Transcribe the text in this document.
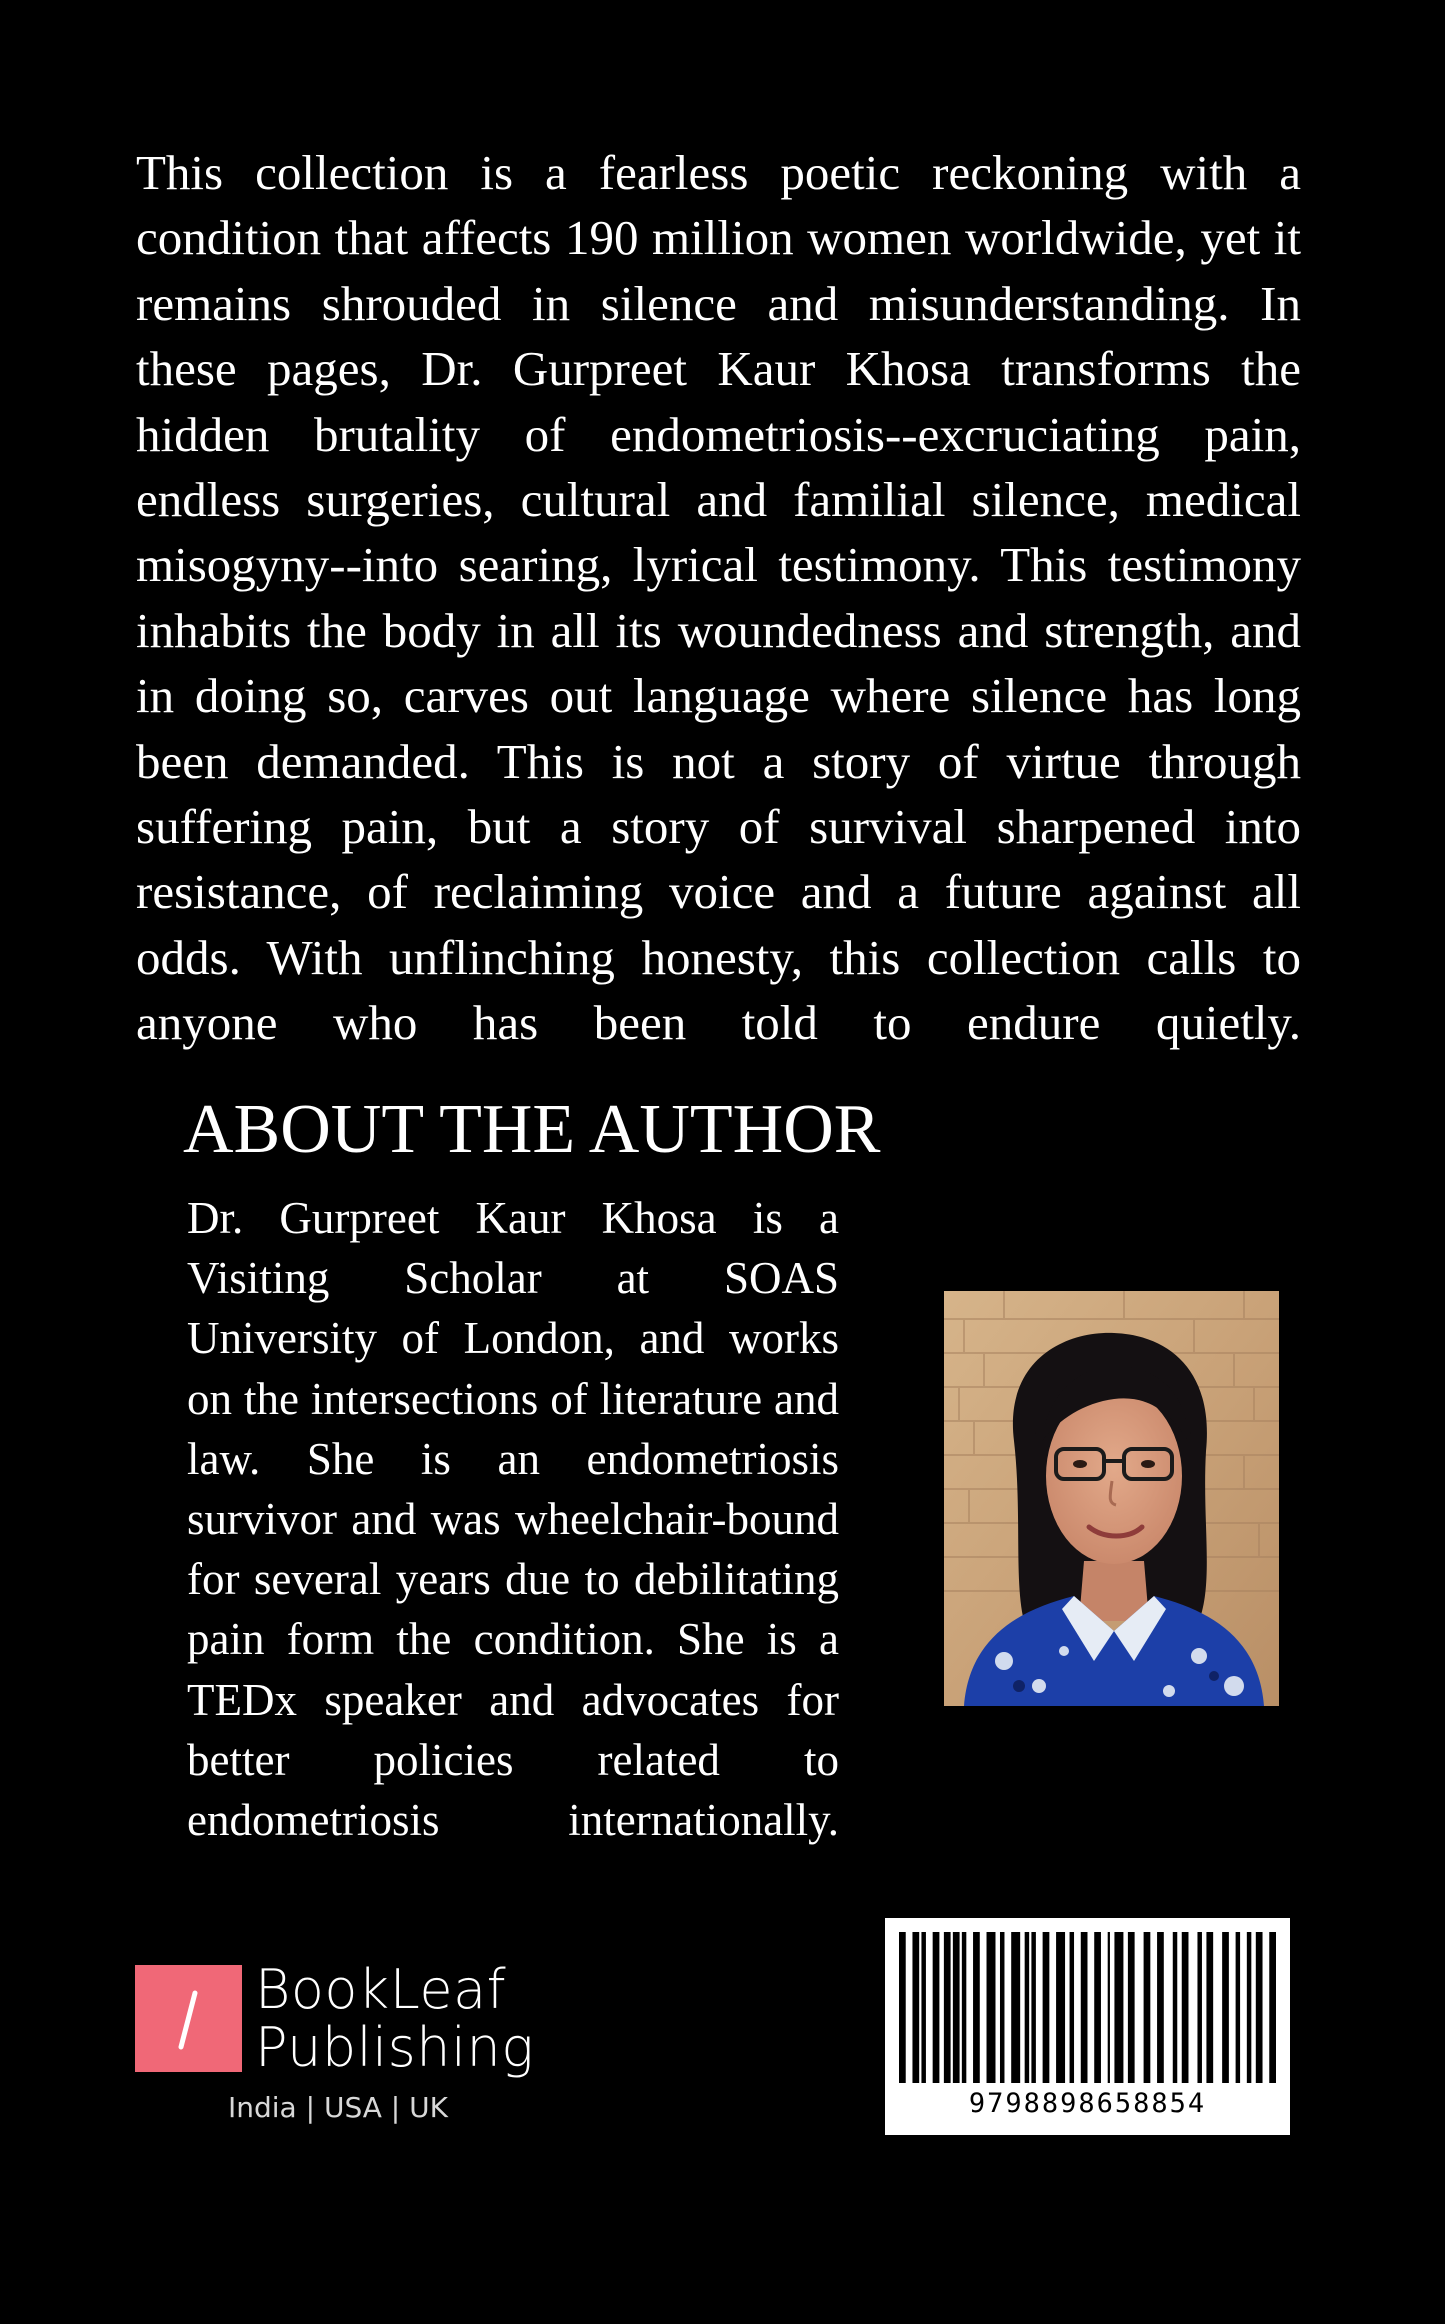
This collection is a fearless poetic reckoning with a condition that affects 190 million women worldwide, yet it remains shrouded in silence and misunderstanding. In these pages, Dr. Gurpreet Kaur Khosa transforms the hidden brutality of endometriosis--excruciating pain, endless surgeries, cultural and familial silence, medical misogyny--into searing, lyrical testimony. This testimony inhabits the body in all its woundedness and strength, and in doing so, carves out language where silence has long been demanded. This is not a story of virtue through suffering pain, but a story of survival sharpened into resistance, of reclaiming voice and a future against all odds. With unflinching honesty, this collection calls to anyone who has been told to endure quietly.

ABOUT THE AUTHOR

Dr. Gurpreet Kaur Khosa is a Visiting Scholar at SOAS University of London, and works on the intersections of literature and law. She is an endometriosis survivor and was wheelchair-bound for several years due to debilitating pain form the condition. She is a TEDx speaker and advocates for better policies related to endometriosis internationally.

BookLeaf
Publishing
India | USA | UK	9798898658854
